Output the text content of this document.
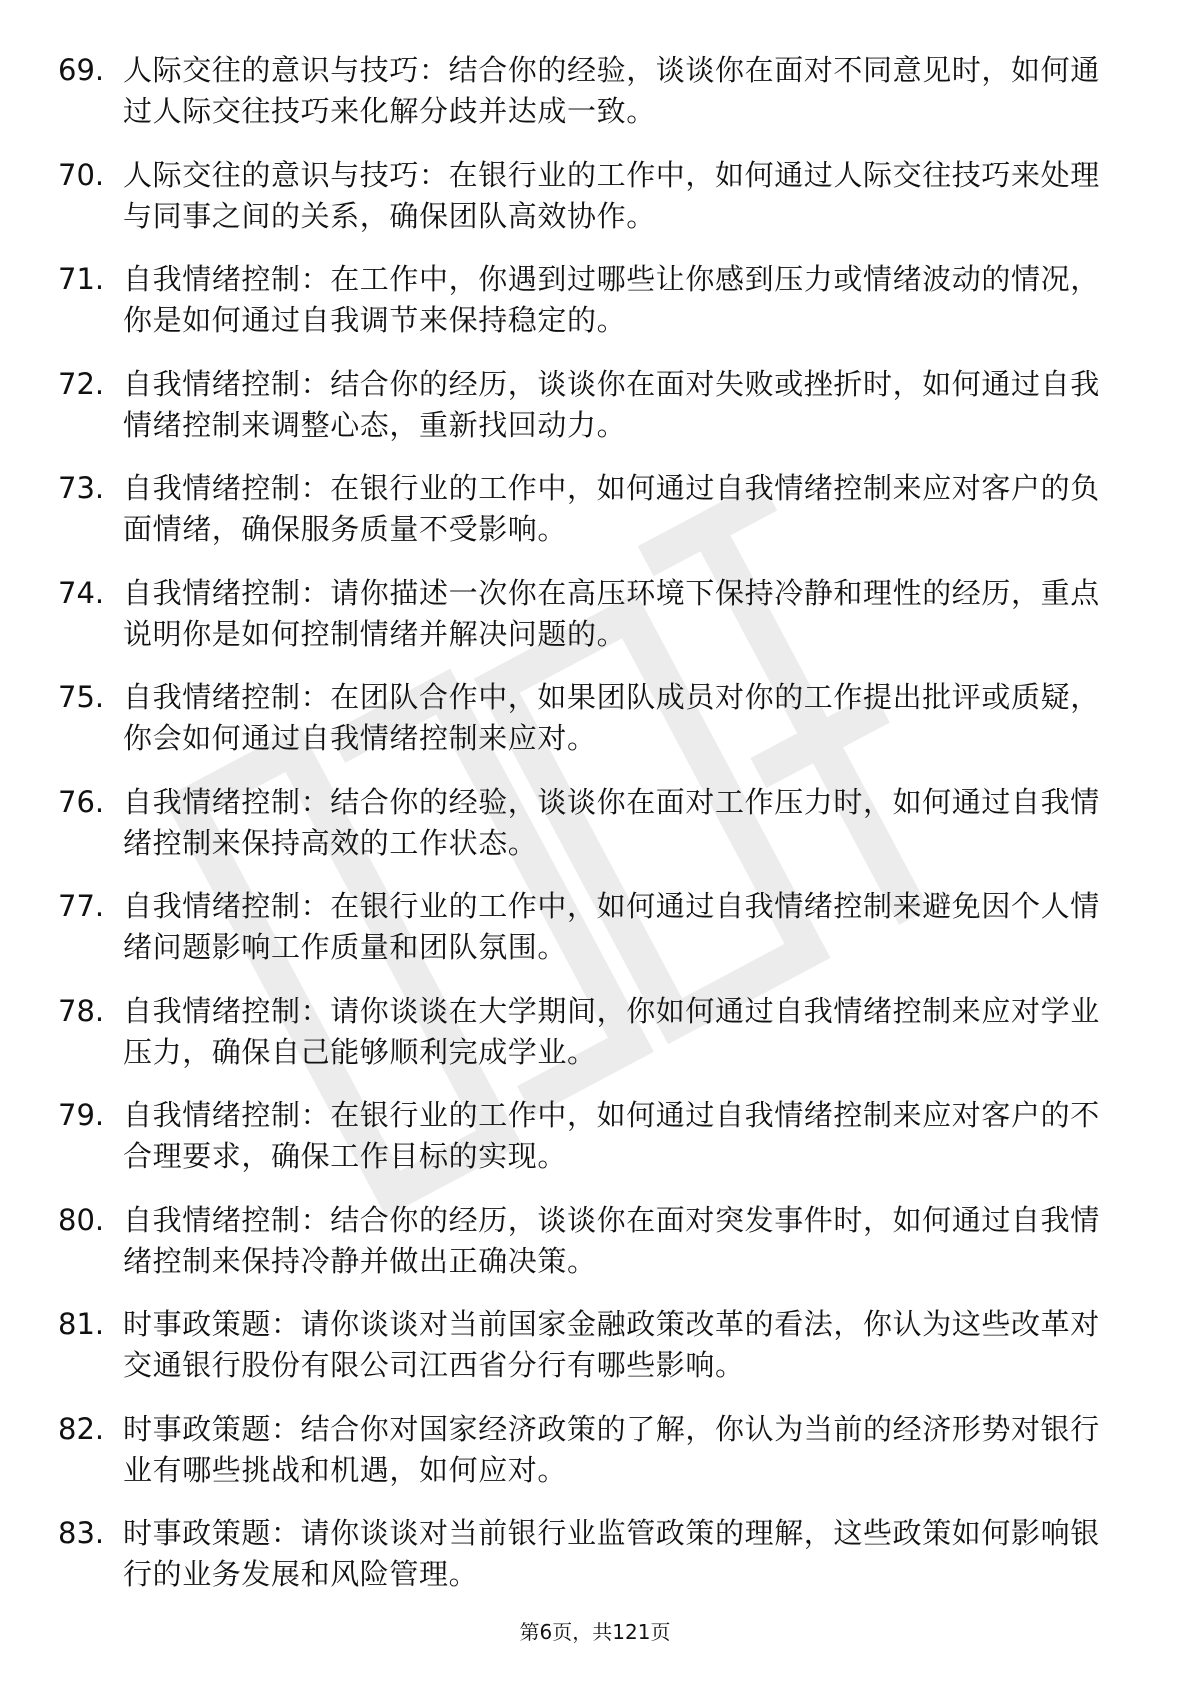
69. 人际交往的意识与技巧：结合你的经验，谈谈你在面对不同意见时，如何通过人际交往技巧来化解分歧并达成一致。
70. 人际交往的意识与技巧：在银行业的工作中，如何通过人际交往技巧来处理与同事之间的关系，确保团队高效协作。
71. 自我情绪控制：在工作中，你遇到过哪些让你感到压力或情绪波动的情况，你是如何通过自我调节来保持稳定的。
72. 自我情绪控制：结合你的经历，谈谈你在面对失败或挫折时，如何通过自我情绪控制来调整心态，重新找回动力。
73. 自我情绪控制：在银行业的工作中，如何通过自我情绪控制来应对客户的负面情绪，确保服务质量不受影响。
74. 自我情绪控制：请你描述一次你在高压环境下保持冷静和理性的经历，重点说明你是如何控制情绪并解决问题的。
75. 自我情绪控制：在团队合作中，如果团队成员对你的工作提出批评或质疑，你会如何通过自我情绪控制来应对。
76. 自我情绪控制：结合你的经验，谈谈你在面对工作压力时，如何通过自我情绪控制来保持高效的工作状态。
77. 自我情绪控制：在银行业的工作中，如何通过自我情绪控制来避免因个人情绪问题影响工作质量和团队氛围。
78. 自我情绪控制：请你谈谈在大学期间，你如何通过自我情绪控制来应对学业压力，确保自己能够顺利完成学业。
79. 自我情绪控制：在银行业的工作中，如何通过自我情绪控制来应对客户的不合理要求，确保工作目标的实现。
80. 自我情绪控制：结合你的经历，谈谈你在面对突发事件时，如何通过自我情绪控制来保持冷静并做出正确决策。
81. 时事政策题：请你谈谈对当前国家金融政策改革的看法，你认为这些改革对交通银行股份有限公司江西省分行有哪些影响。
82. 时事政策题：结合你对国家经济政策的了解，你认为当前的经济形势对银行业有哪些挑战和机遇，如何应对。
83. 时事政策题：请你谈谈对当前银行业监管政策的理解，这些政策如何影响银行的业务发展和风险管理。
第6页，共121页
